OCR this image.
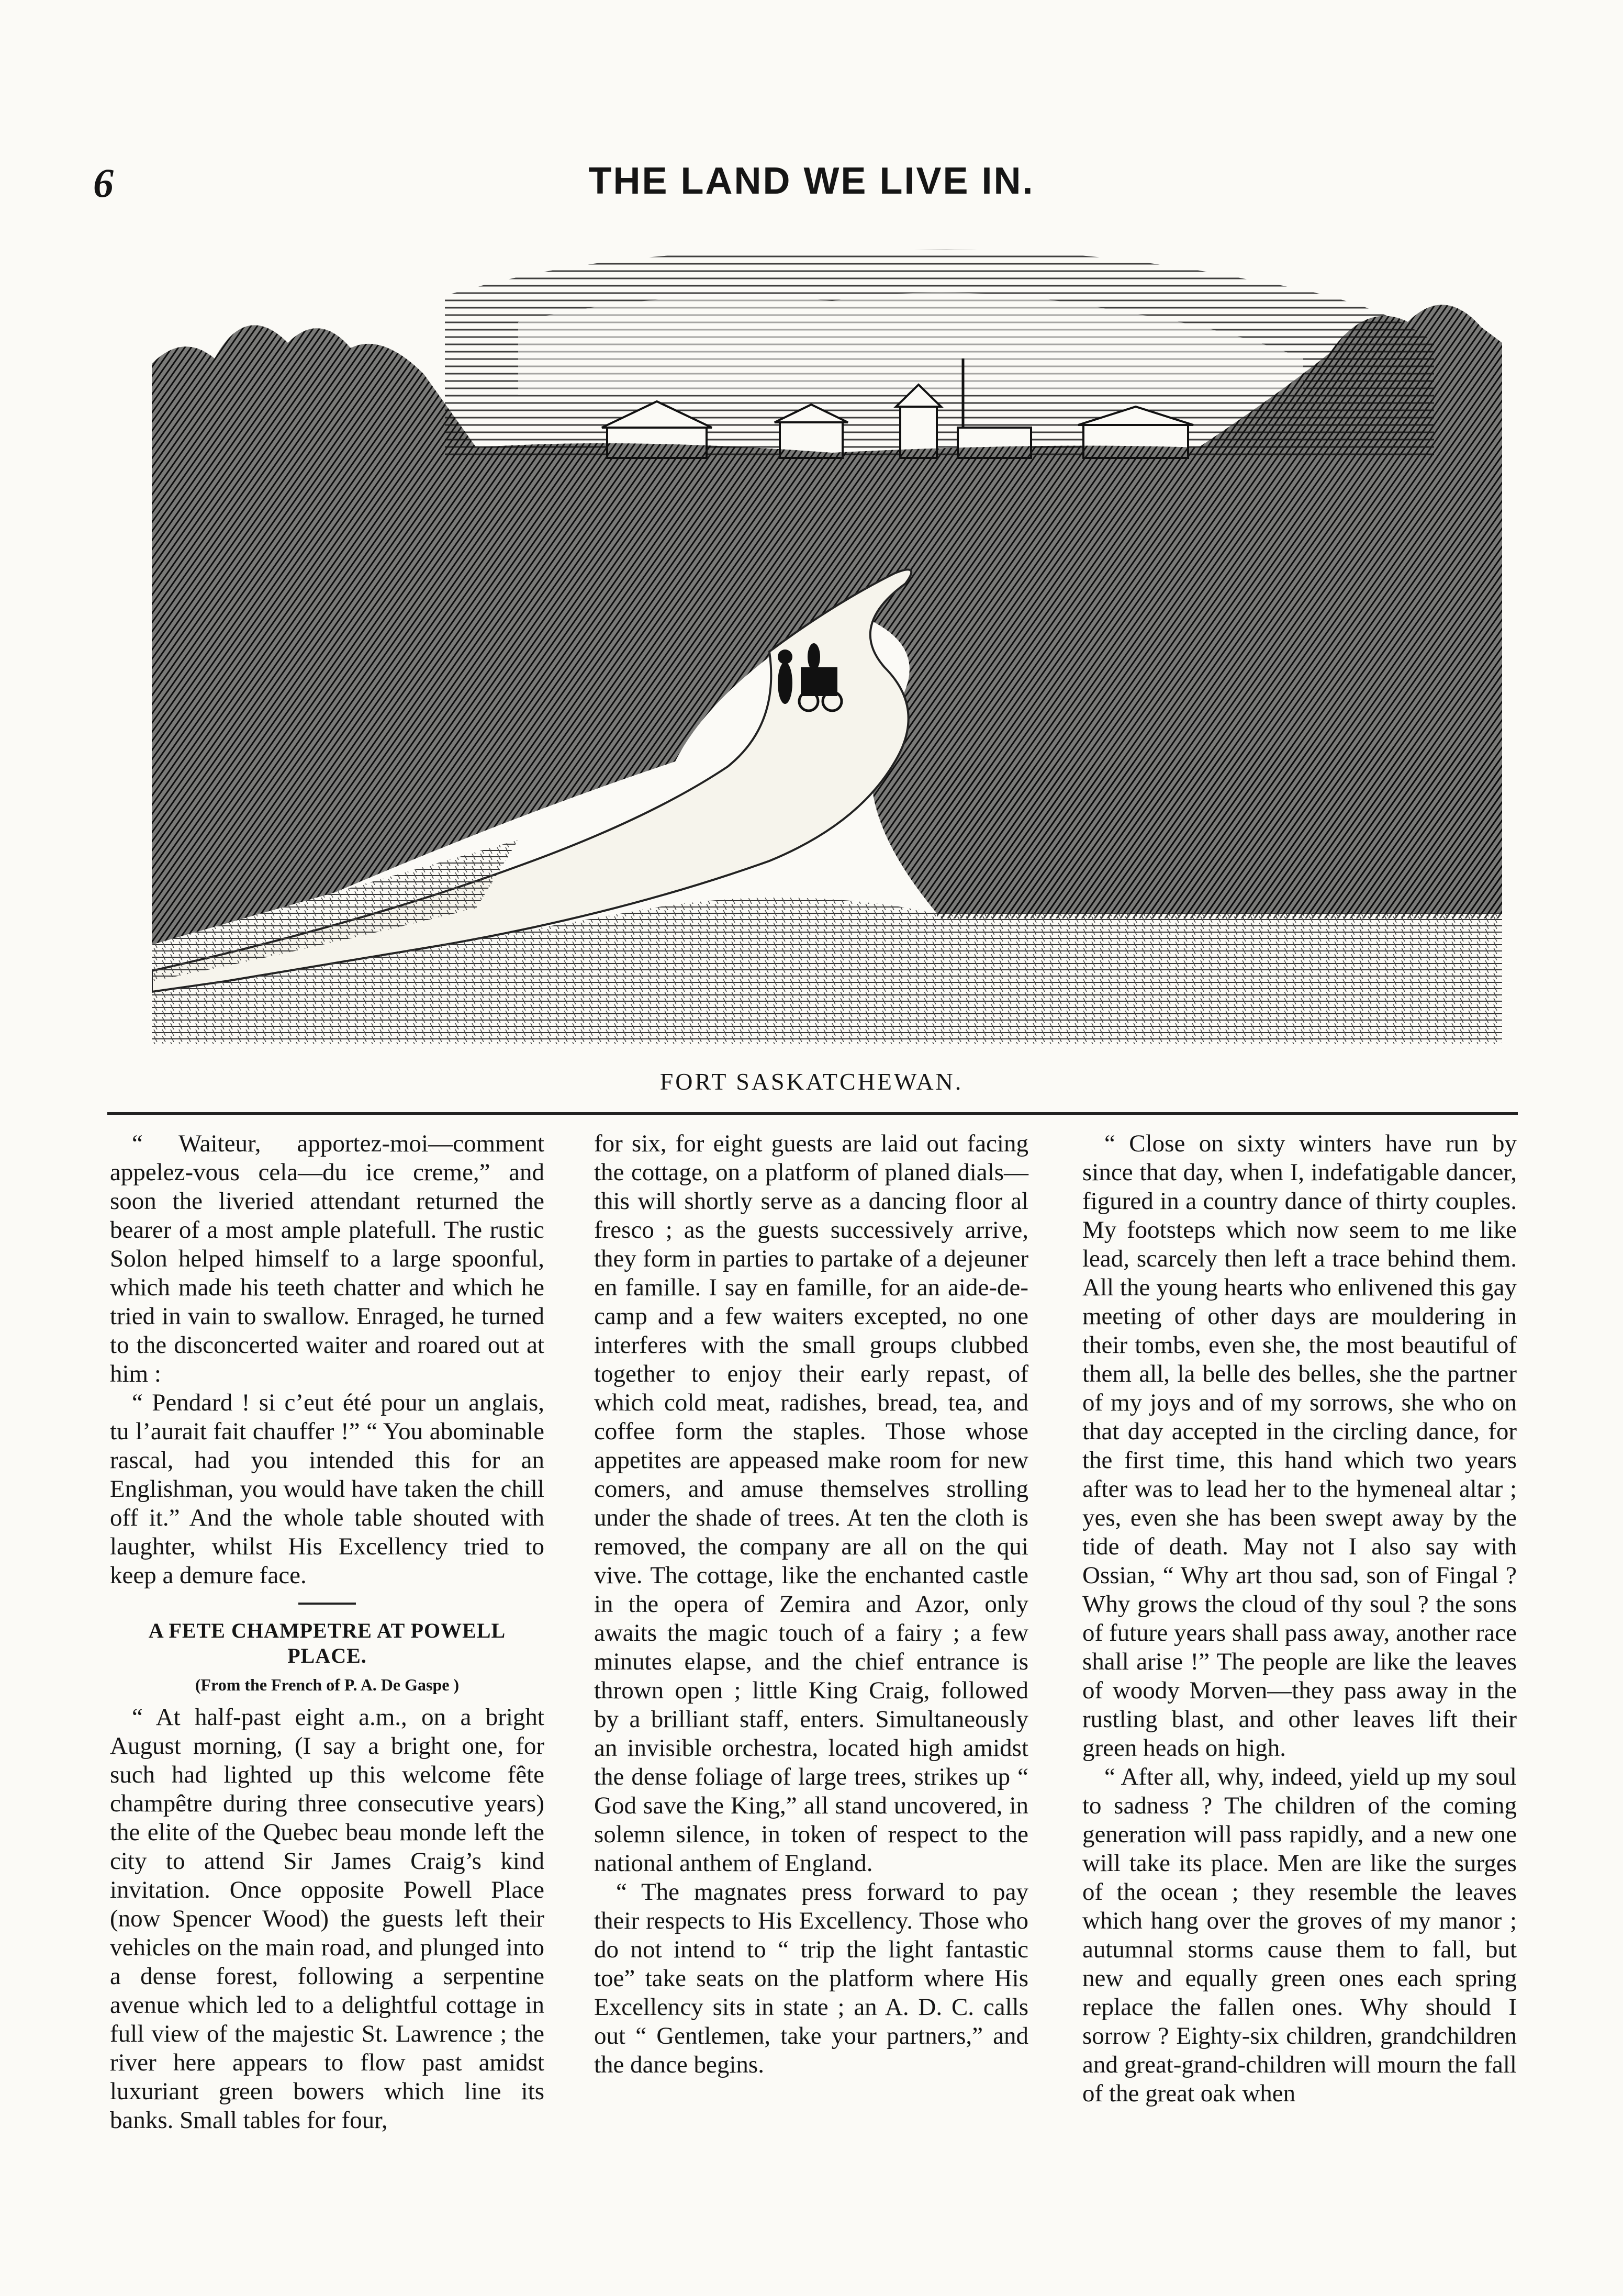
6	THE LAND WE LIVE IN.
FORT SASKATCHEWAN.

“ Waiteur, apportez-moi—comment appelez-vous cela—du ice creme,” and soon the liveried attendant returned the bearer of a most ample platefull. The rustic Solon helped himself to a large spoonful, which made his teeth chatter and which he tried in vain to swallow. Enraged, he turned to the disconcerted waiter and roared out at him :

“ Pendard ! si c’eut été pour un anglais, tu l’aurait fait chauffer !” “ You abominable rascal, had you intended this for an Englishman, you would have taken the chill off it.” And the whole table shouted with laughter, whilst His Excellency tried to keep a demure face.

A FETE CHAMPETRE AT POWELL
PLACE.
(From the French of P. A. De Gaspe )

“ At half-past eight a.m., on a bright August morning, (I say a bright one, for such had lighted up this welcome fête champêtre during three consecutive years) the elite of the Quebec beau monde left the city to attend Sir James Craig’s kind invitation. Once opposite Powell Place (now Spencer Wood) the guests left their vehicles on the main road, and plunged into a dense forest, following a serpentine avenue which led to a delightful cottage in full view of the majestic St. Lawrence ; the river here appears to flow past amidst luxuriant green bowers which line its banks. Small tables for four,

for six, for eight guests are laid out facing the cottage, on a platform of planed dials—this will shortly serve as a dancing floor al fresco ; as the guests successively arrive, they form in parties to partake of a dejeuner en famille. I say en famille, for an aide-de-camp and a few waiters excepted, no one interferes with the small groups clubbed together to enjoy their early repast, of which cold meat, radishes, bread, tea, and coffee form the staples. Those whose appetites are appeased make room for new comers, and amuse themselves strolling under the shade of trees. At ten the cloth is removed, the company are all on the qui vive. The cottage, like the enchanted castle in the opera of Zemira and Azor, only awaits the magic touch of a fairy ; a few minutes elapse, and the chief entrance is thrown open ; little King Craig, followed by a brilliant staff, enters. Simultaneously an invisible orchestra, located high amidst the dense foliage of large trees, strikes up “ God save the King,” all stand uncovered, in solemn silence, in token of respect to the national anthem of England.

“ The magnates press forward to pay their respects to His Excellency. Those who do not intend to “ trip the light fantastic toe” take seats on the platform where His Excellency sits in state ; an A. D. C. calls out “ Gentlemen, take your partners,” and the dance begins.

“ Close on sixty winters have run by since that day, when I, indefatigable dancer, figured in a country dance of thirty couples. My footsteps which now seem to me like lead, scarcely then left a trace behind them. All the young hearts who enlivened this gay meeting of other days are mouldering in their tombs, even she, the most beautiful of them all, la belle des belles, she the partner of my joys and of my sorrows, she who on that day accepted in the circling dance, for the first time, this hand which two years after was to lead her to the hymeneal altar ; yes, even she has been swept away by the tide of death. May not I also say with Ossian, “ Why art thou sad, son of Fingal ? Why grows the cloud of thy soul ? the sons of future years shall pass away, another race shall arise !” The people are like the leaves of woody Morven—they pass away in the rustling blast, and other leaves lift their green heads on high.

“ After all, why, indeed, yield up my soul to sadness ? The children of the coming generation will pass rapidly, and a new one will take its place. Men are like the surges of the ocean ; they resemble the leaves which hang over the groves of my manor ; autumnal storms cause them to fall, but new and equally green ones each spring replace the fallen ones. Why should I sorrow ? Eighty-six children, grandchildren and great-grand-children will mourn the fall of the great oak when
